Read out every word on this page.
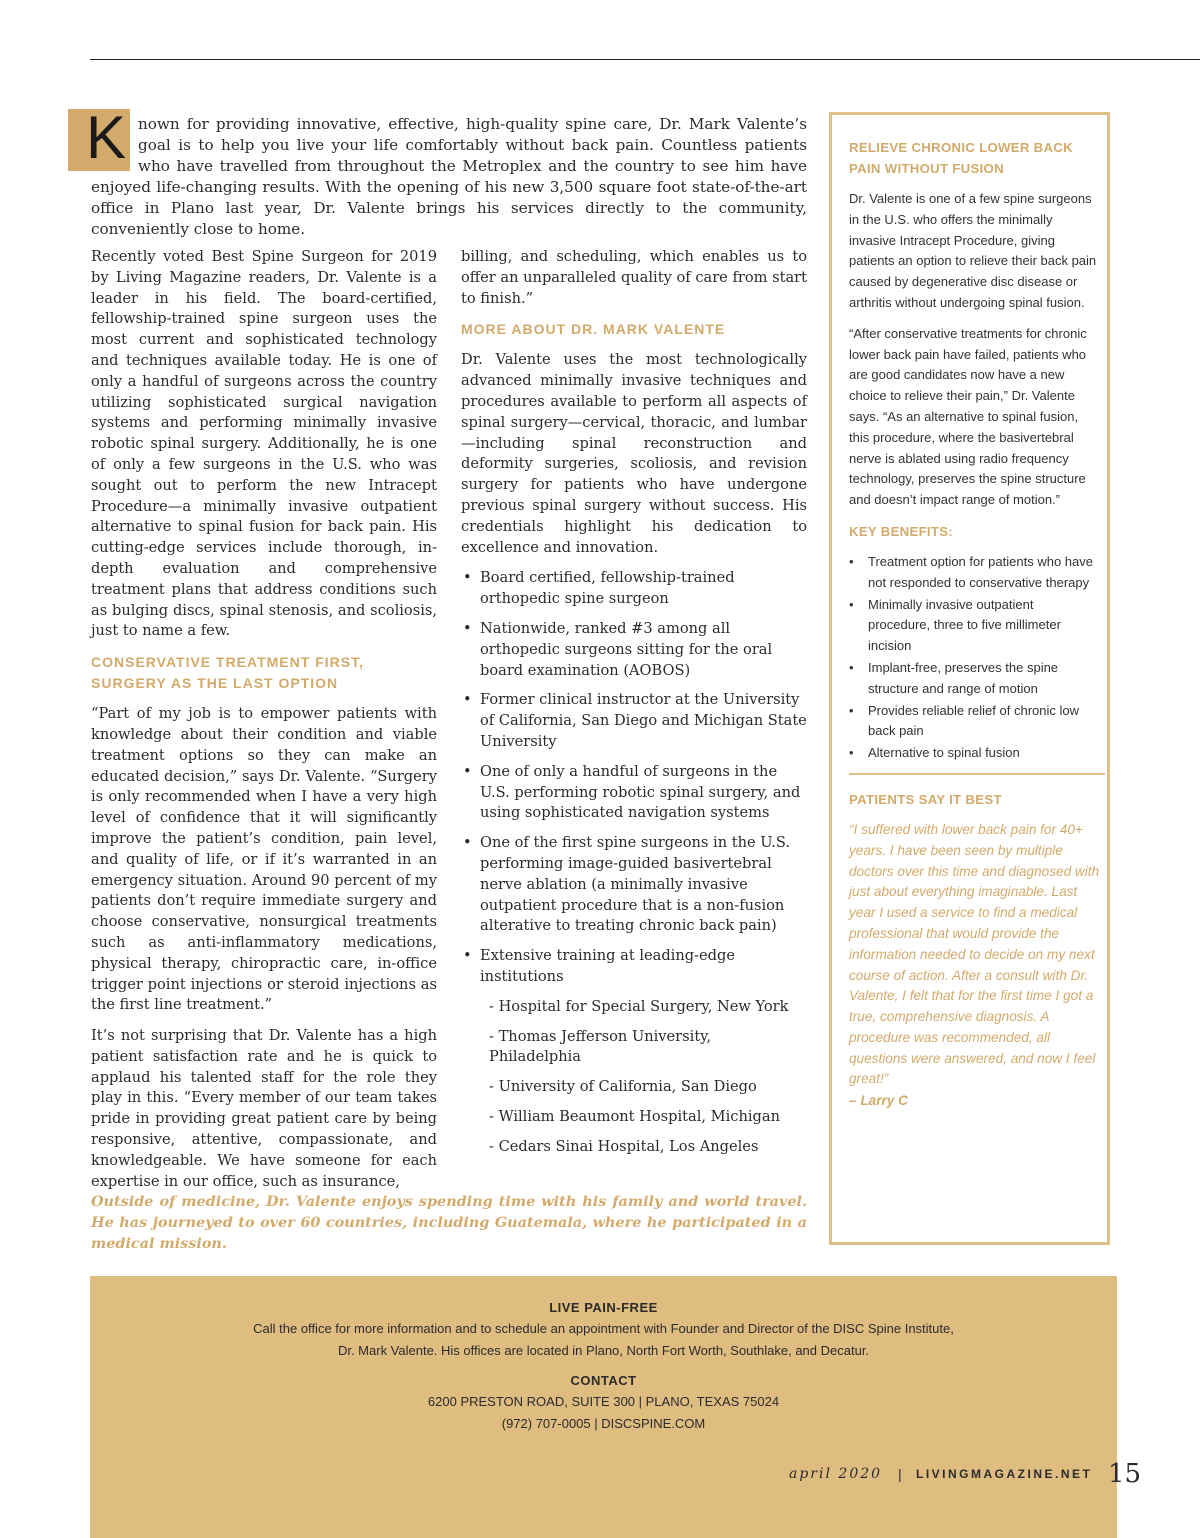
K nown for providing innovative, effective, high-quality spine care, Dr. Mark Valente’s goal is to help you live your life comfortably without back pain. Countless patients who have travelled from throughout the Metroplex and the country to see him have enjoyed life-changing results. With the opening of his new 3,500 square foot state-of-the-art office in Plano last year, Dr. Valente brings his services directly to the community, conveniently close to home.

Recently voted Best Spine Surgeon for 2019 by Living Magazine readers, Dr. Valente is a leader in his field. The board-certified, fellowship-trained spine surgeon uses the most current and sophisticated technology and techniques available today. He is one of only a handful of surgeons across the country utilizing sophisticated surgical navigation systems and performing minimally invasive robotic spinal surgery. Additionally, he is one of only a few surgeons in the U.S. who was sought out to perform the new Intracept Procedure—a minimally invasive outpatient alternative to spinal fusion for back pain. His cutting-edge services include thorough, in-depth evaluation and comprehensive treatment plans that address conditions such as bulging discs, spinal stenosis, and scoliosis, just to name a few.

CONSERVATIVE TREATMENT FIRST, SURGERY AS THE LAST OPTION

“Part of my job is to empower patients with knowledge about their condition and viable treatment options so they can make an educated decision,” says Dr. Valente. “Surgery is only recommended when I have a very high level of confidence that it will significantly improve the patient’s condition, pain level, and quality of life, or if it’s warranted in an emergency situation. Around 90 percent of my patients don’t require immediate surgery and choose conservative, nonsurgical treatments such as anti-inflammatory medications, physical therapy, chiropractic care, in-office trigger point injections or steroid injections as the first line treatment.”

It’s not surprising that Dr. Valente has a high patient satisfaction rate and he is quick to applaud his talented staff for the role they play in this. “Every member of our team takes pride in providing great patient care by being responsive, attentive, compassionate, and knowledgeable. We have someone for each expertise in our office, such as insurance,

billing, and scheduling, which enables us to offer an unparalleled quality of care from start to finish.”

MORE ABOUT DR. MARK VALENTE

Dr. Valente uses the most technologically advanced minimally invasive techniques and procedures available to perform all aspects of spinal surgery—cervical, thoracic, and lumbar—including spinal reconstruction and deformity surgeries, scoliosis, and revision surgery for patients who have undergone previous spinal surgery without success. His credentials highlight his dedication to excellence and innovation.

• Board certified, fellowship-trained orthopedic spine surgeon
• Nationwide, ranked #3 among all orthopedic surgeons sitting for the oral board examination (AOBOS)
• Former clinical instructor at the University of California, San Diego and Michigan State University
• One of only a handful of surgeons in the U.S. performing robotic spinal surgery, and using sophisticated navigation systems
• One of the first spine surgeons in the U.S. performing image-guided basivertebral nerve ablation (a minimally invasive outpatient procedure that is a non-fusion alterative to treating chronic back pain)
• Extensive training at leading-edge institutions
- Hospital for Special Surgery, New York
- Thomas Jefferson University, Philadelphia
- University of California, San Diego
- William Beaumont Hospital, Michigan
- Cedars Sinai Hospital, Los Angeles

Outside of medicine, Dr. Valente enjoys spending time with his family and world travel. He has journeyed to over 60 countries, including Guatemala, where he participated in a medical mission.

RELIEVE CHRONIC LOWER BACK PAIN WITHOUT FUSION

Dr. Valente is one of a few spine surgeons in the U.S. who offers the minimally invasive Intracept Procedure, giving patients an option to relieve their back pain caused by degenerative disc disease or arthritis without undergoing spinal fusion.

“After conservative treatments for chronic lower back pain have failed, patients who are good candidates now have a new choice to relieve their pain,” Dr. Valente says. “As an alternative to spinal fusion, this procedure, where the basivertebral nerve is ablated using radio frequency technology, preserves the spine structure and doesn’t impact range of motion.”

KEY BENEFITS:
• Treatment option for patients who have not responded to conservative therapy
• Minimally invasive outpatient procedure, three to five millimeter incision
• Implant-free, preserves the spine structure and range of motion
• Provides reliable relief of chronic low back pain
• Alternative to spinal fusion
PATIENTS SAY IT BEST

“I suffered with lower back pain for 40+ years. I have been seen by multiple doctors over this time and diagnosed with just about everything imaginable. Last year I used a service to find a medical professional that would provide the information needed to decide on my next course of action. After a consult with Dr. Valente, I felt that for the first time I got a true, comprehensive diagnosis. A procedure was recommended, all questions were answered, and now I feel great!”

– Larry C

LIVE PAIN-FREE

Call the office for more information and to schedule an appointment with Founder and Director of the DISC Spine Institute,

Dr. Mark Valente. His offices are located in Plano, North Fort Worth, Southlake, and Decatur.

CONTACT

6200 PRESTON ROAD, SUITE 300 | PLANO, TEXAS 75024

(972) 707-0005 | DISCSPINE.COM

april 2020 | LIVINGMAGAZINE.NET 15
